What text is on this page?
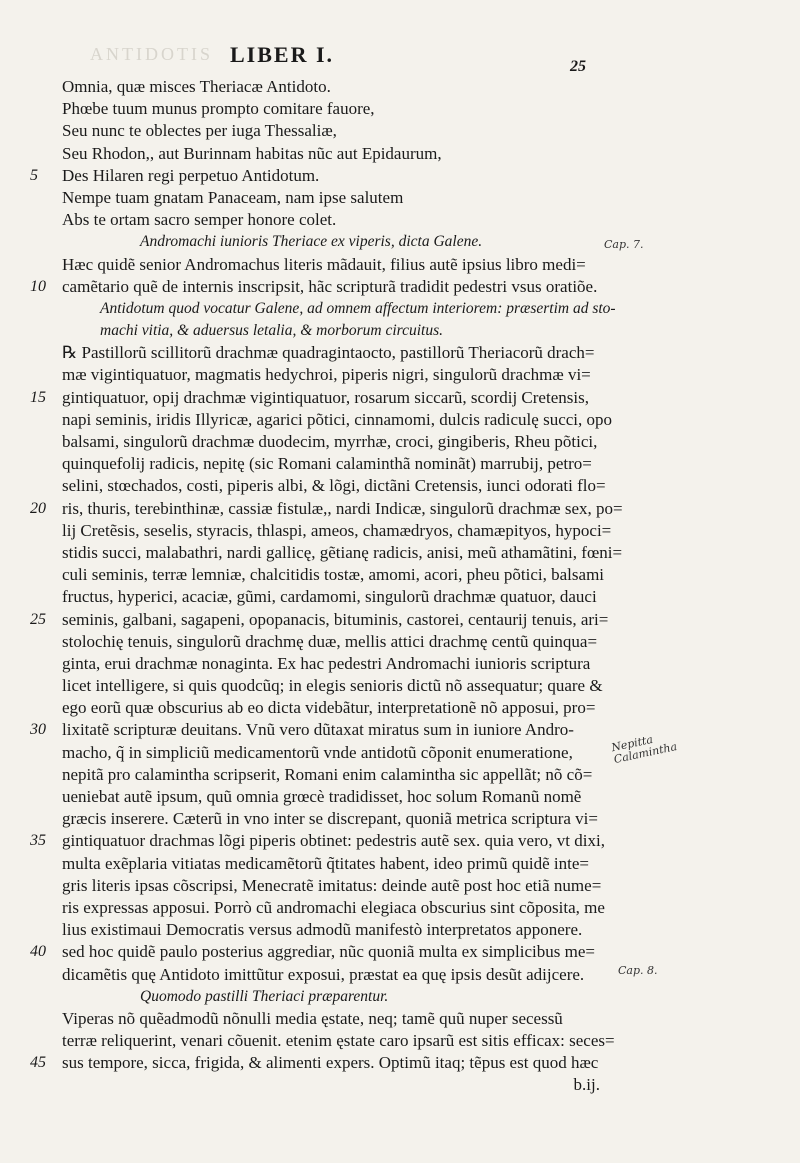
ANTIDOTIS LIBER I.	25
Omnia, quæ misces Theriacæ Antidoto.
Phœbe tuum munus prompto comitare fauore,
Seu nunc te oblectes per iuga Thessaliæ,
Seu Rhodon,, aut Burinnam habitas nũc aut Epidaurum,
5	Des Hilaren regi perpetuo Antidotum.
Nempe tuam gnatam Panaceam, nam ipse salutem
Abs te ortam sacro semper honore colet.
Andromachi iunioris Theriace ex viperis, dicta Galene.
Hæc quidẽ senior Andromachus literis mãdauit, filius autẽ ipsius libro medi=
10 camẽtario quẽ de internis inscripsit, hãc scripturã tradidit pedestri vsus oratiõe.
Antidotum quod vocatur Galene, ad omnem affectum interiorem: præsertim ad sto-
machi vitia, & aduersus letalia, & morborum circuitus.
℞ Pastillorũ scillitorũ drachmæ quadragintaocto, pastillorũ Theriacorũ drach=
mæ vigintiquatuor, magmatis hedychroi, piperis nigri, singulorũ drachmæ vi=
15 gintiquatuor, opij drachmæ vigintiquatuor, rosarum siccarũ, scordij Cretensis,
napi seminis, iridis Illyricæ, agarici põtici, cinnamomi, dulcis radiculę succi, opo
balsami, singulorũ drachmæ duodecim, myrrhæ, croci, gingiberis, Rheu põtici,
quinquefolij radicis, nepitę (sic Romani calaminthã nominãt) marrubij, petro=
selini, stœchados, costi, piperis albi, & lõgi, dictãni Cretensis, iunci odorati flo=
20 ris, thuris, terebinthinæ, cassiæ fistulæ,, nardi Indicæ, singulorũ drachmæ sex, po=
lij Cretẽsis, seselis, styracis, thlaspi, ameos, chamædryos, chamæpityos, hypoci=
stidis succi, malabathri, nardi gallicę, gẽtianę radicis, anisi, meũ athamãtini, fœni=
culi seminis, terræ lemniæ, chalcitidis tostæ, amomi, acori, pheu põtici, balsami
fructus, hyperici, acaciæ, gũmi, cardamomi, singulorũ drachmæ quatuor, dauci
25 seminis, galbani, sagapeni, opopanacis, bituminis, castorei, centaurij tenuis, ari=
stolochię tenuis, singulorũ drachmę duæ, mellis attici drachmę centũ quinqua=
ginta, erui drachmæ nonaginta. Ex hac pedestri Andromachi iunioris scriptura
licet intelligere, si quis quodcũq; in elegis senioris dictũ nõ assequatur; quare &
ego eorũ quæ obscurius ab eo dicta videbãtur, interpretationẽ nõ apposui, pro=
30 lixitatẽ scripturæ deuitans. Vnũ vero dũtaxat miratus sum in iuniore Andro-
macho, q̃ in simpliciũ medicamentorũ vnde antidotũ cõponit enumeratione,
nepitã pro calamintha scripserit, Romani enim calamintha sic appellãt; nõ cõ=
ueniebat autẽ ipsum, quũ omnia grœcè tradidisset, hoc solum Romanũ nomẽ
græcis inserere. Cæterũ in vno inter se discrepant, quoniã metrica scriptura vi=
35 gintiquatuor drachmas lõgi piperis obtinet: pedestris autẽ sex. quia vero, vt dixi,
multa exẽplaria vitiatas medicamẽtorũ q̃titates habent, ideo primũ quidẽ inte=
gris literis ipsas cõscripsi, Menecratẽ imitatus: deinde autẽ post hoc etiã nume=
ris expressas apposui. Porrò cũ andromachi elegiaca obscurius sint cõposita, me
lius existimaui Democratis versus admodũ manifestò interpretatos apponere.
40 sed hoc quidẽ paulo posterius aggrediar, nũc quoniã multa ex simplicibus me=
dicamẽtis quę Antidoto imittũtur exposui, præstat ea quę ipsis desũt adijcere.
Quomodo pastilli Theriaci præparentur.
Viperas nõ quẽadmodũ nõnulli media ęstate, neq; tamẽ quũ nuper secessũ
terræ reliquerint, venari cõuenit. etenim ęstate caro ipsarũ est sitis efficax: seces=
45 sus tempore, sicca, frigida, & alimenti expers. Optimũ itaq; tẽpus est quod hæc
b.ij.
Cap. 7.
Nepitta Calamintha
Cap. 8.
